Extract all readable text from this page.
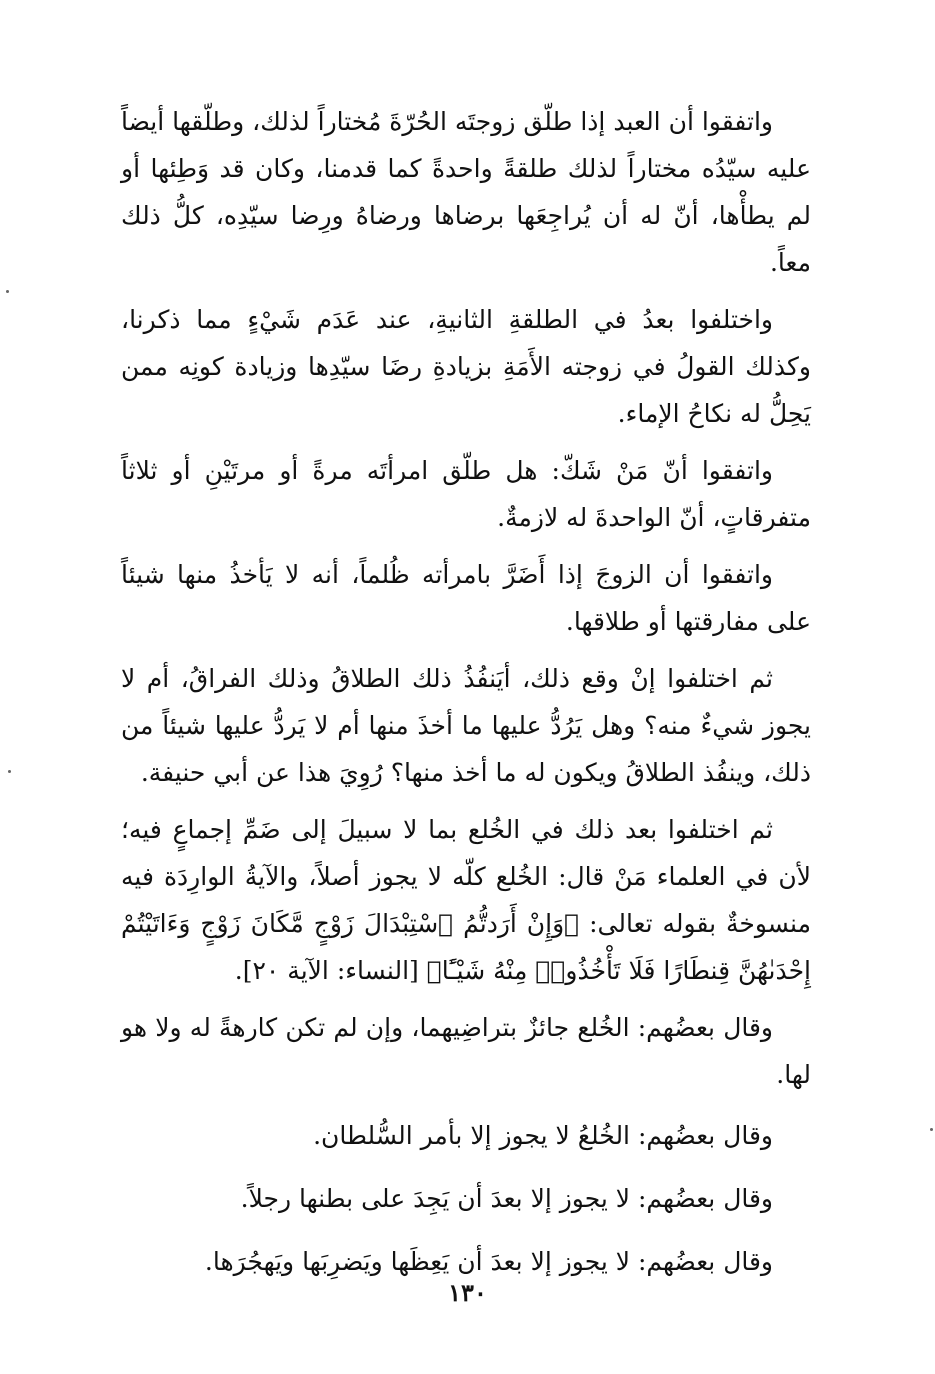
واتفقوا أن العبد إذا طلّق زوجتَه الحُرّةَ مُختاراً لذلك، وطلّقها أيضاً عليه سيّدُه مختاراً لذلك طلقةً واحدةً كما قدمنا، وكان قد وَطِئها أو لم يطأْها، أنّ له أن يُراجِعَها برضاها ورضاهُ ورِضا سيّدِه، كلُّ ذلك معاً.

واختلفوا بعدُ في الطلقةِ الثانيةِ، عند عَدَم شَيْءٍ مما ذكرنا، وكذلك القولُ في زوجته الأَمَةِ بزيادةِ رضَا سيّدِها وزيادة كونِه ممن يَحِلُّ له نكاحُ الإماء.

واتفقوا أنّ مَنْ شَكّ: هل طلّق امرأتَه مرةً أو مرتَيْنِ أو ثلاثاً متفرقاتٍ، أنّ الواحدةَ له لازمةٌ.

واتفقوا أن الزوجَ إذا أَضَرَّ بامرأته ظُلماً، أنه لا يَأخذُ منها شيئاً على مفارقتها أو طلاقها.

ثم اختلفوا إنْ وقع ذلك، أيَنفُذُ ذلك الطلاقُ وذلك الفراقُ، أم لا يجوز شيءٌ منه؟ وهل يَرُدُّ عليها ما أخذَ منها أم لا يَردُّ عليها شيئاً من ذلك، وينفُذ الطلاقُ ويكون له ما أخذ منها؟ رُوِيَ هذا عن أبي حنيفة.

ثم اختلفوا بعد ذلك في الخُلع بما لا سبيلَ إلى ضَمِّ إجماعٍ فيه؛ لأن في العلماء مَنْ قال: الخُلع كلّه لا يجوز أصلاً، والآيةُ الوارِدَة فيه منسوخةٌ بقوله تعالى: ﴿وَإِنْ أَرَدتُّمُ ٱسْتِبْدَالَ زَوْجٍ مَّكَانَ زَوْجٍ وَءَاتَيْتُمْ إِحْدَىٰهُنَّ قِنطَارًا فَلَا تَأْخُذُوا۟ مِنْهُ شَيْـًٔا﴾ [النساء: الآية ٢٠].

وقال بعضُهم: الخُلع جائزٌ بتراضِيهما، وإن لم تكن كارهةً له ولا هو لها.

وقال بعضُهم: الخُلعُ لا يجوز إلا بأمر السُّلطان.

وقال بعضُهم: لا يجوز إلا بعدَ أن يَجِدَ على بطنها رجلاً.

وقال بعضُهم: لا يجوز إلا بعدَ أن يَعِظَها ويَضرِبَها ويَهجُرَها.

١٣٠
